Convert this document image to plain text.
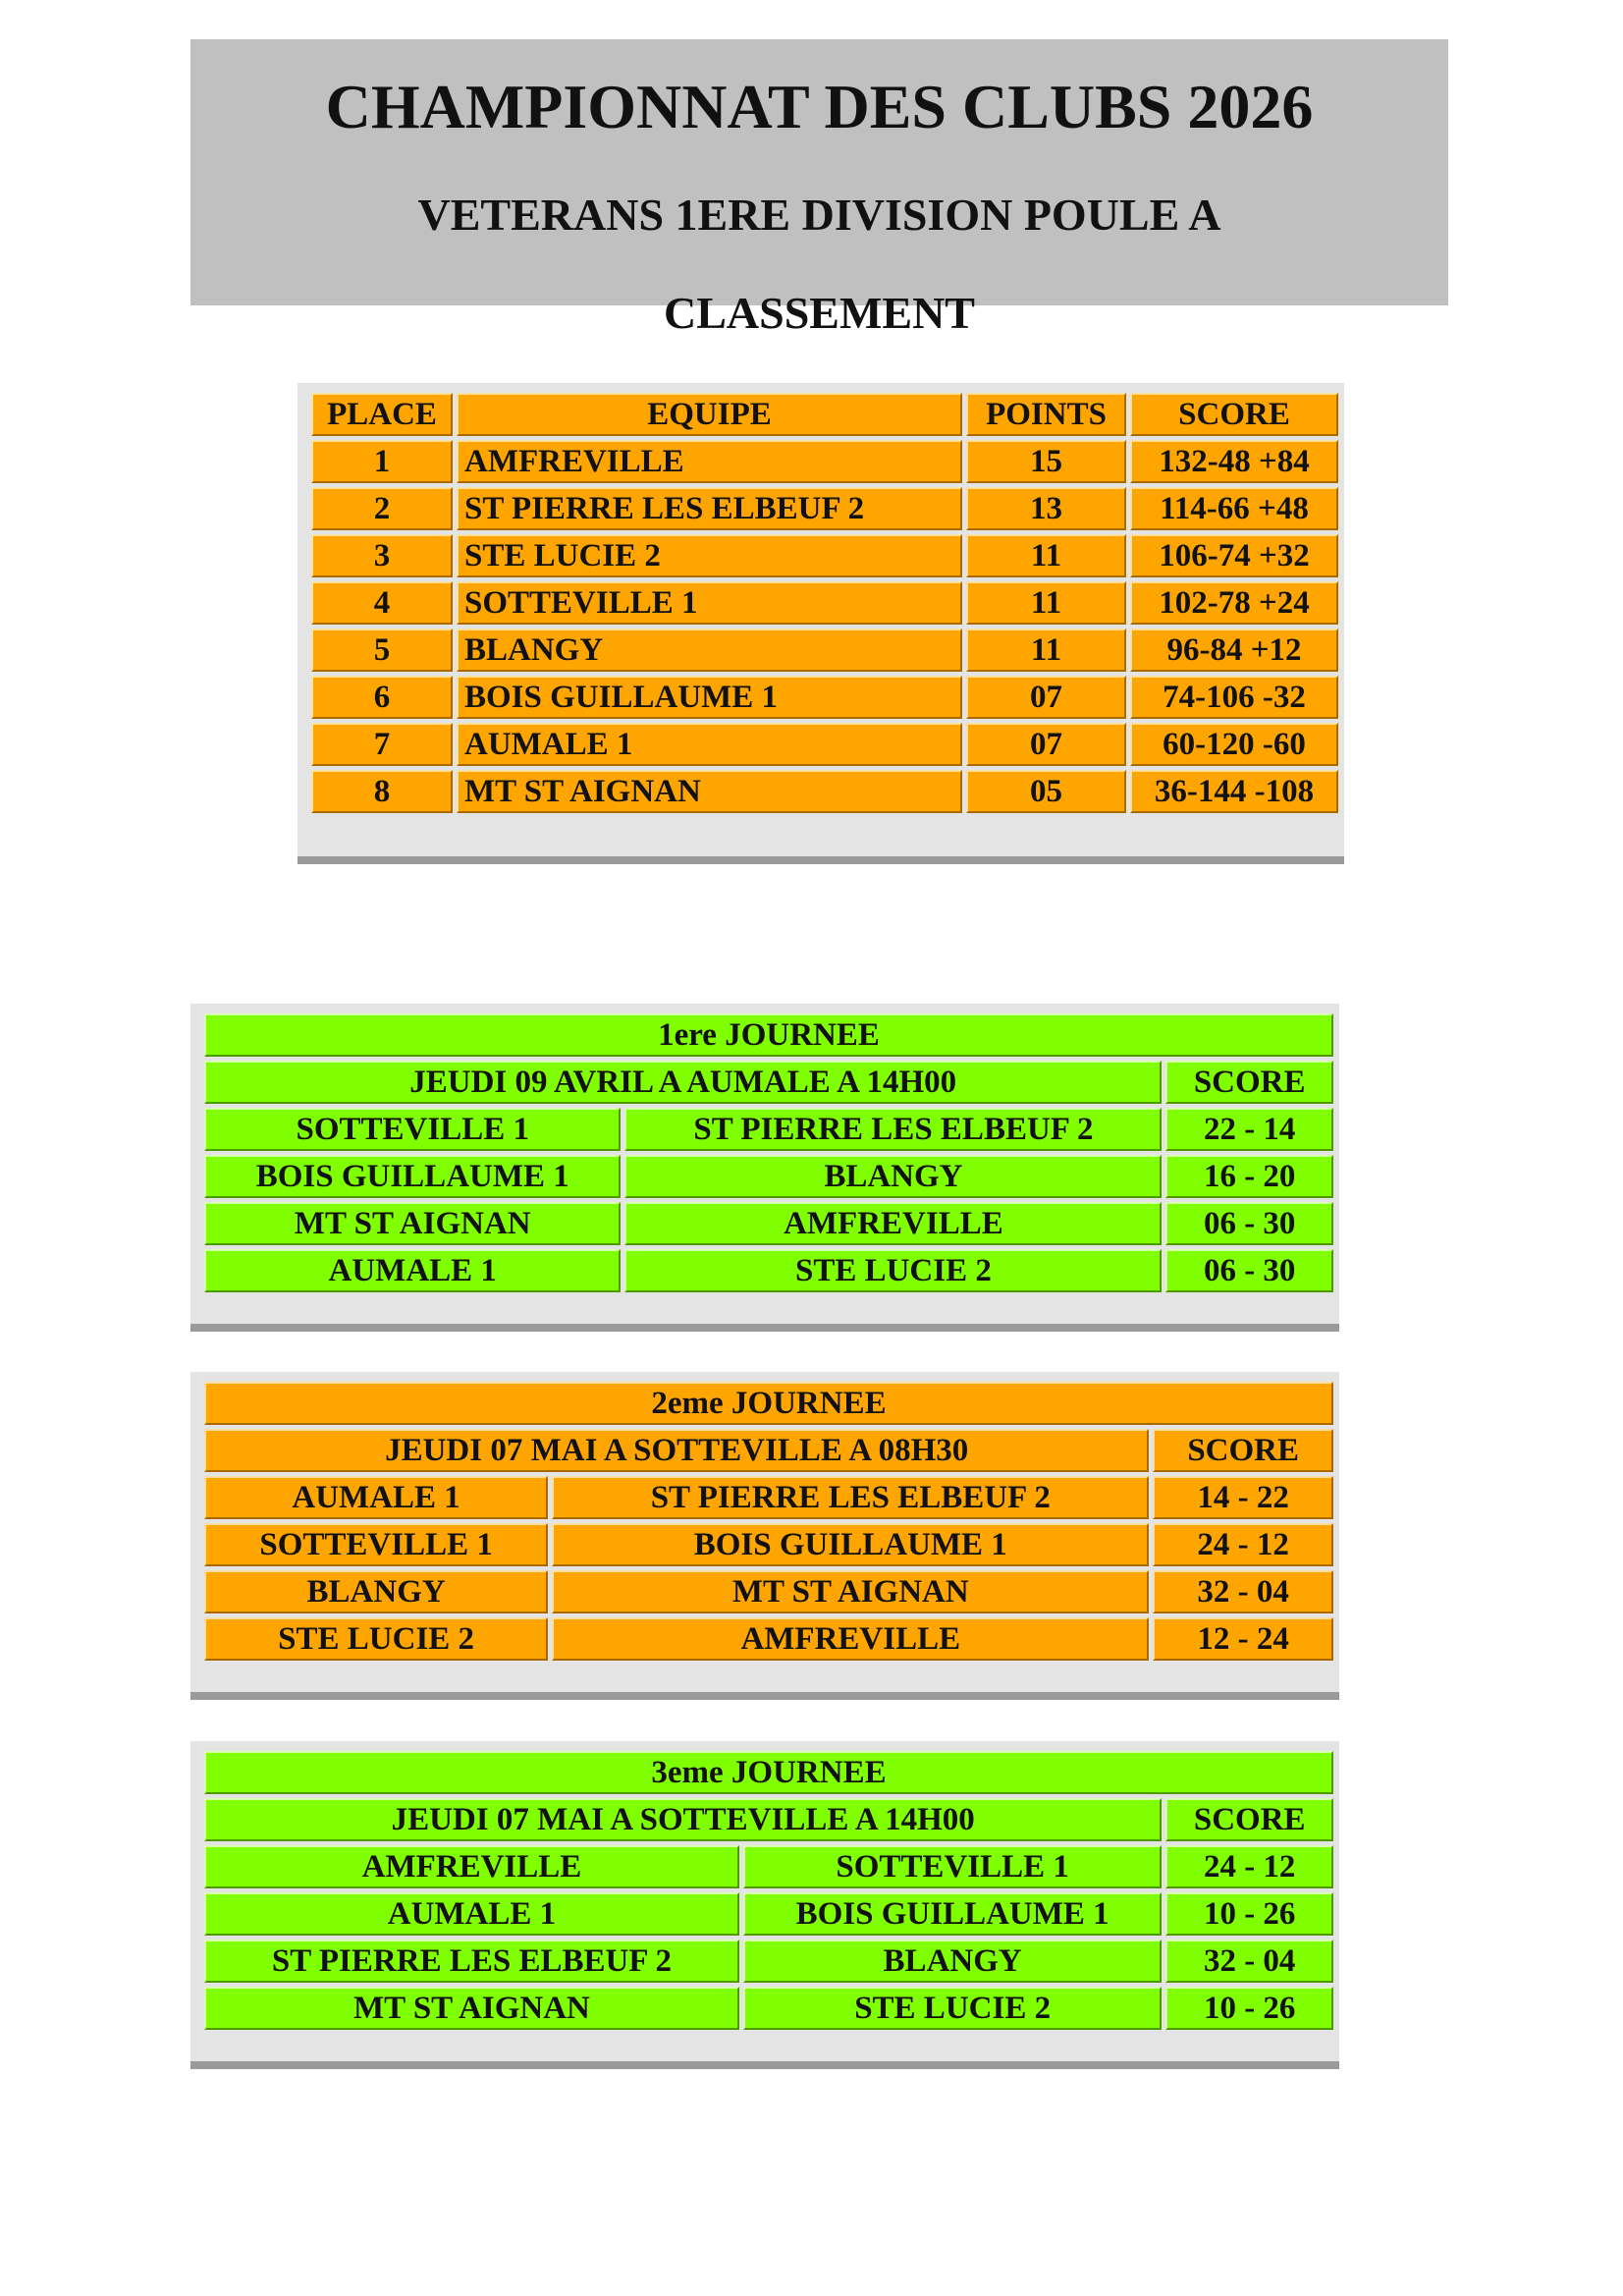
CHAMPIONNAT DES CLUBS 2026
VETERANS 1ERE DIVISION POULE A
CLASSEMENT
PLACE	EQUIPE	POINTS	SCORE
1	AMFREVILLE	15	132-48 +84
2	ST PIERRE LES ELBEUF 2	13	114-66 +48
3	STE LUCIE 2	11	106-74 +32
4	SOTTEVILLE 1	11	102-78 +24
5	BLANGY	11	96-84 +12
6	BOIS GUILLAUME 1	07	74-106 -32
7	AUMALE 1	07	60-120 -60
8	MT ST AIGNAN	05	36-144 -108
1ere JOURNEE		
JEUDI 09 AVRIL A AUMALE A 14H00		SCORE
SOTTEVILLE 1	ST PIERRE LES ELBEUF 2	22 - 14
BOIS GUILLAUME 1	BLANGY	16 - 20
MT ST AIGNAN	AMFREVILLE	06 - 30
AUMALE 1	STE LUCIE 2	06 - 30
2eme JOURNEE		
JEUDI 07 MAI A SOTTEVILLE A 08H30		SCORE
AUMALE 1	ST PIERRE LES ELBEUF 2	14 - 22
SOTTEVILLE 1	BOIS GUILLAUME 1	24 - 12
BLANGY	MT ST AIGNAN	32 - 04
STE LUCIE 2	AMFREVILLE	12 - 24
3eme JOURNEE		
JEUDI 07 MAI A SOTTEVILLE A 14H00		SCORE
AMFREVILLE	SOTTEVILLE 1	24 - 12
AUMALE 1	BOIS GUILLAUME 1	10 - 26
ST PIERRE LES ELBEUF 2	BLANGY	32 - 04
MT ST AIGNAN	STE LUCIE 2	10 - 26
